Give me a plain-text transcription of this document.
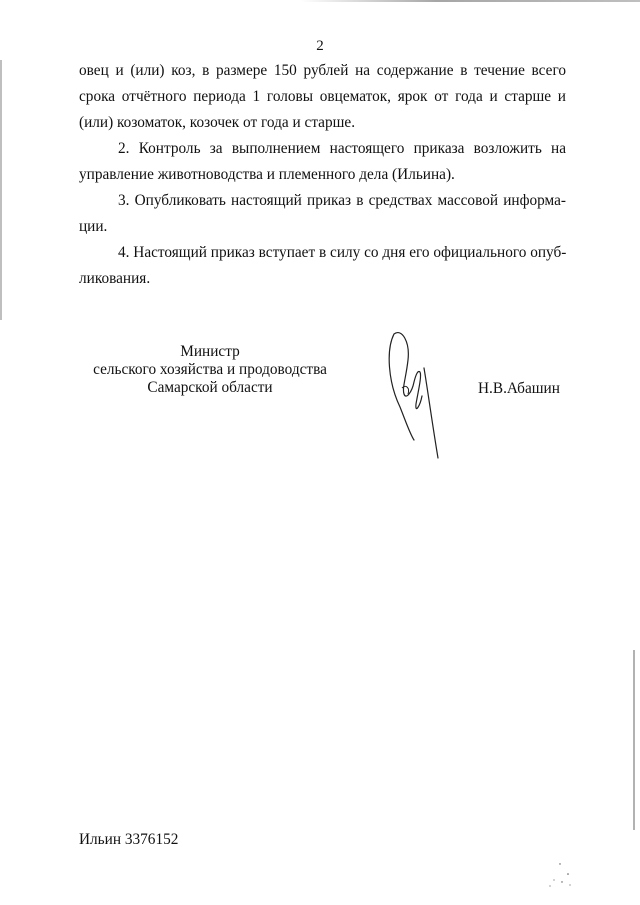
2

овец и (или) коз, в размере 150 рублей на содержание в течение всего
срока отчётного периода 1 головы овцематок, ярок от года и старше и
(или) козоматок, козочек от года и старше.

2. Контроль за выполнением настоящего приказа возложить на
управление животноводства и племенного дела (Ильина).

3. Опубликовать настоящий приказ в средствах массовой информа-
ции.

4. Настоящий приказ вступает в силу со дня его официального опуб-
ликования.

Министр
сельского хозяйства и продоводства
Самарской области	Н.В.Абашин
Ильин 3376152
